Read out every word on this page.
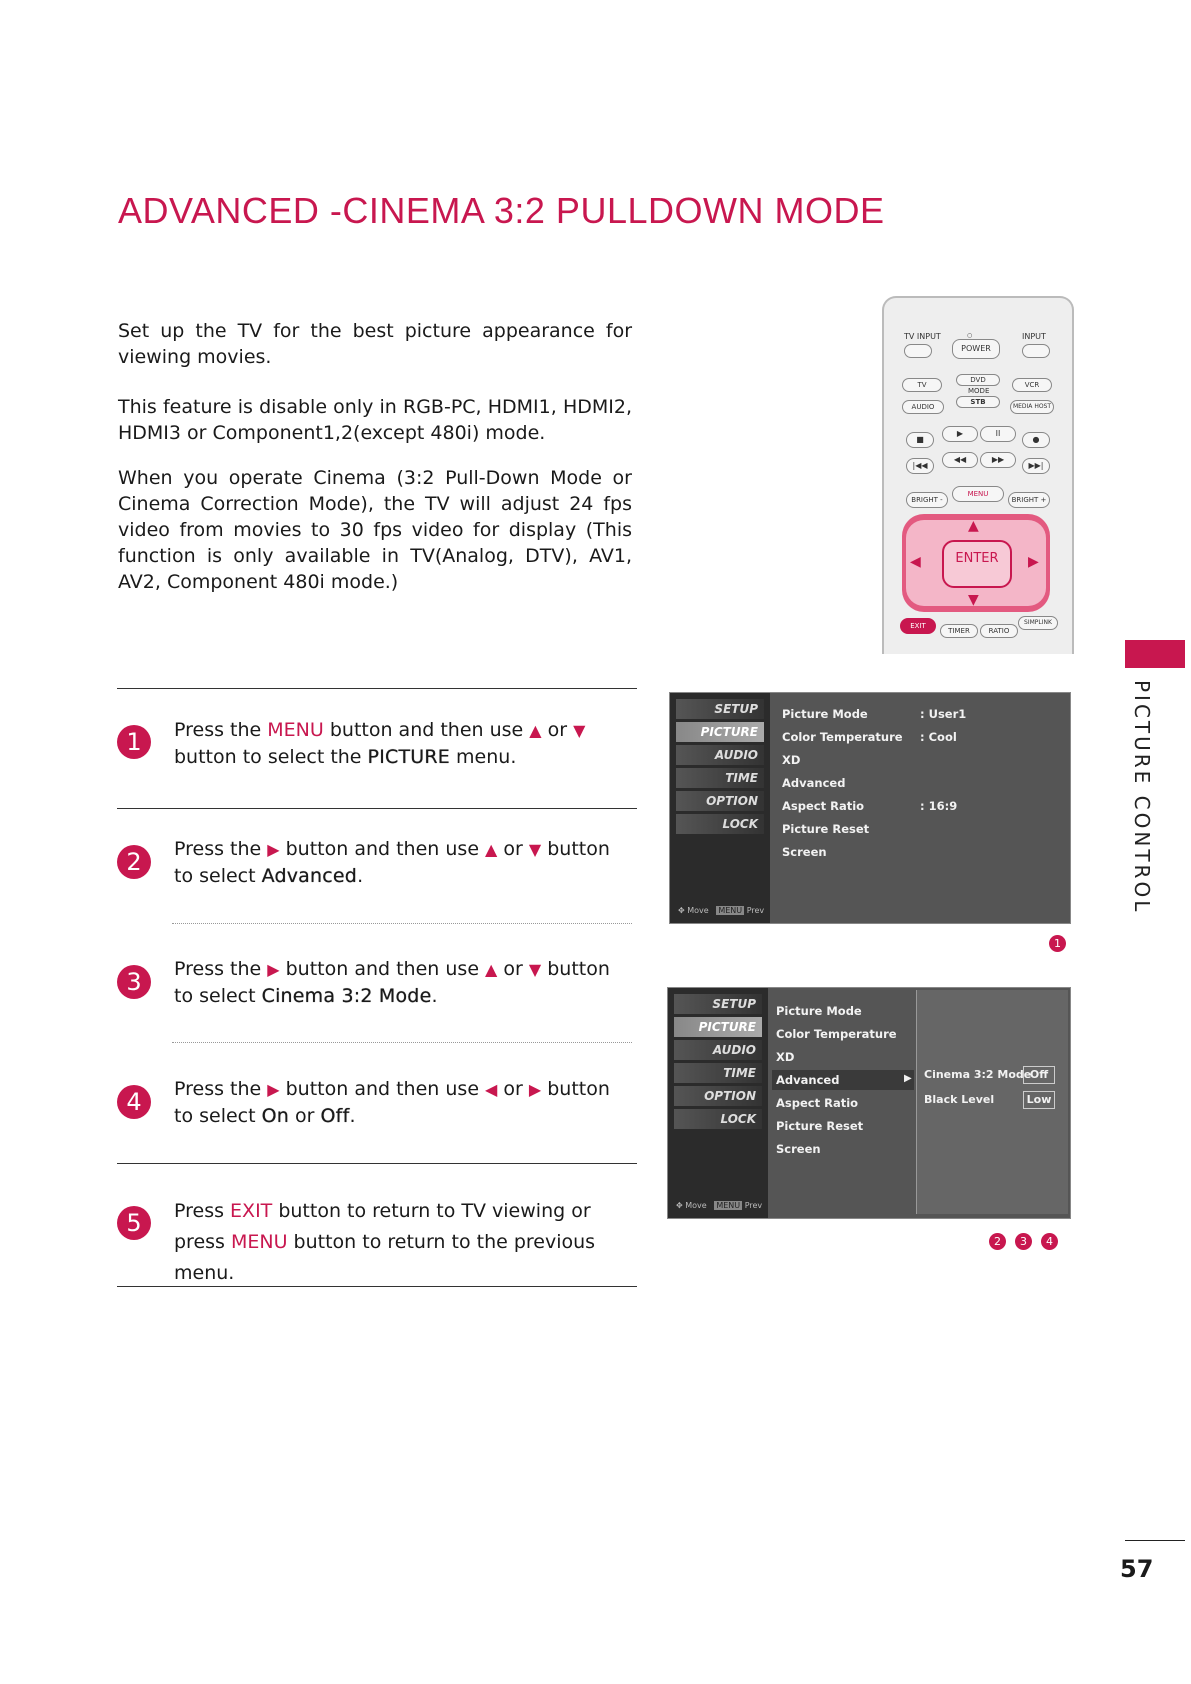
ADVANCED -CINEMA 3:2 PULLDOWN MODE
Set up the TV for the best picture appearance for viewing movies.
This feature is disable only in RGB-PC, HDMI1, HDMI2, HDMI3 or Component1,2(except 480i) mode.
When you operate Cinema (3:2 Pull-Down Mode or Cinema Correction Mode), the TV will adjust 24 fps video from movies to 30 fps video for display (This function is only available in TV(Analog, DTV), AV1, AV2, Component 480i mode.)
1	Press the MENU button and then use ▲ or ▼ button to select the PICTURE menu.
2	Press the ▶ button and then use ▲ or ▼ button to select Advanced.
3	Press the ▶ button and then use ▲ or ▼ button to select Cinema 3:2 Mode.
4	Press the ▶ button and then use ◀ or ▶ button to select On or Off.
5	Press EXIT button to return to TV viewing or press MENU button to return to the previous menu.
TV INPUT	○
POWER
INPUT
TV
DVD
VCR
MODE
AUDIO
STB
MEDIA HOST
■
▶	II
●
|◀◀
◀◀	▶▶
▶▶|
BRIGHT -
MENU
BRIGHT +
▲
▼
◀	▶
ENTER
EXIT
TIMER	RATIO
SIMPLINK
PICTURE CONTROL
SETUP
PICTURE
AUDIO
TIME
OPTION
LOCK
✥ Move MENU Prev
Picture Mode	: User1
Color Temperature : Cool
XD
Advanced
Aspect Ratio	: 16:9
Picture Reset
Screen
1
SETUP
PICTURE
AUDIO
TIME
OPTION
LOCK
✥ Move MENU Prev
Picture Mode
Color Temperature
XD
Advanced	▶
Aspect Ratio
Picture Reset
Screen
Cinema 3:2 Mode
Off
Black Level	Low
2 3 4
57
